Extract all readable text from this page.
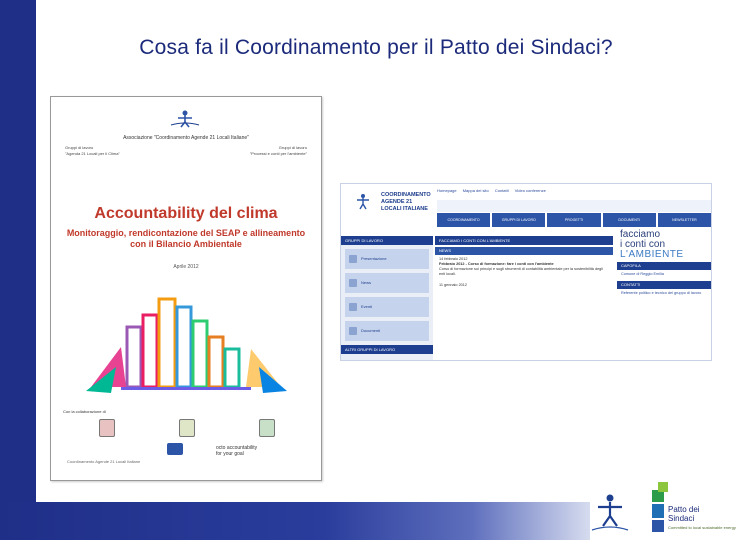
Cosa fa il Coordinamento per il Patto dei Sindaci?
Associazione "Coordinamento Agende 21 Locali Italiane"
Gruppi di lavoro
"Agenda 21 Locali per il Clima"
Gruppi di lavoro
"Processi e conti per l'ambiente"
Accountability del clima
Monitoraggio, rendicontazione del SEAP e allineamento con il Bilancio Ambientale
Aprile 2012
Con la collaborazione di
octo accountability
for your goal
Coordinamento Agende 21 Locali Italiane
COORDINAMENTO
AGENDE 21
LOCALI ITALIANE
Homepage Mappa del sito Contatti Video conferenze
COORDINAMENTO	GRUPPI DI LAVORO	PROGETTI	DOCUMENTI	NEWSLETTER
GRUPPI DI LAVORO
Presentazione
News
Eventi
Documenti
ALTRI GRUPPI DI LAVORO
FACCIAMO I CONTI CON L'AMBIENTE
NEWS
14 febbraio 2012
Febbraio 2012 - Corso di formazione: fare i conti con l'ambiente
Corso di formazione sui principi e sugli strumenti di contabilità ambientale per la sostenibilità degli enti locali.
11 gennaio 2012
facciamo
i conti con
L'AMBIENTE
CAPOFILA
Comune di Reggio Emilia
CONTATTI
Referente politico e tecnico del gruppo di lavoro
Patto dei
Sindaci
Committed to local sustainable energy
